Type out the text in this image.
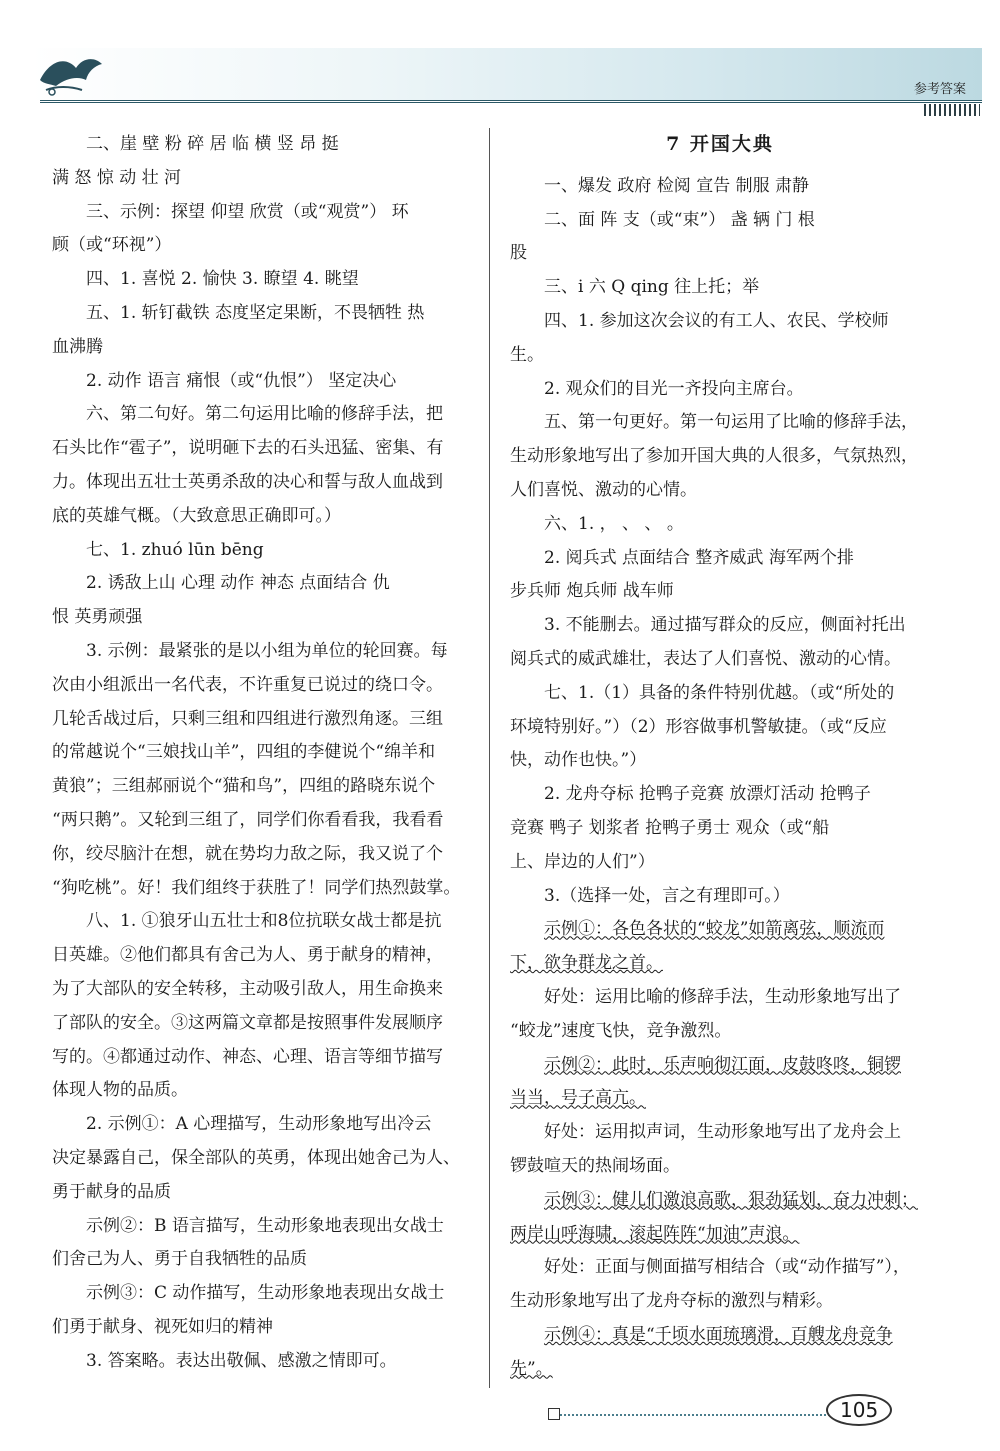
参考答案

二、崖 壁 粉 碎 居 临 横 竖 昂 挺

满 怒 惊 动 壮 河

三、示例：探望 仰望 欣赏（或“观赏”） 环

顾（或“环视”）

四、1. 喜悦 2. 愉快 3. 瞭望 4. 眺望

五、1. 斩钉截铁 态度坚定果断，不畏牺牲 热

血沸腾

2. 动作 语言 痛恨（或“仇恨”） 坚定决心

六、第二句好。第二句运用比喻的修辞手法，把

石头比作“雹子”，说明砸下去的石头迅猛、密集、有

力。体现出五壮士英勇杀敌的决心和誓与敌人血战到

底的英雄气概。（大致意思正确即可。）

七、1. zhuó lūn bēng

2. 诱敌上山 心理 动作 神态 点面结合 仇

恨 英勇顽强

3. 示例：最紧张的是以小组为单位的轮回赛。每

次由小组派出一名代表，不许重复已说过的绕口令。

几轮舌战过后，只剩三组和四组进行激烈角逐。三组

的常越说个“三娘找山羊”，四组的李健说个“绵羊和

黄狼”；三组郝丽说个“猫和鸟”，四组的路晓东说个

“两只鹅”。又轮到三组了，同学们你看看我，我看看

你，绞尽脑汁在想，就在势均力敌之际，我又说了个

“狗吃桃”。好！我们组终于获胜了！同学们热烈鼓掌。

八、1. ①狼牙山五壮士和8位抗联女战士都是抗

日英雄。②他们都具有舍己为人、勇于献身的精神，

为了大部队的安全转移，主动吸引敌人，用生命换来

了部队的安全。③这两篇文章都是按照事件发展顺序

写的。④都通过动作、神态、心理、语言等细节描写

体现人物的品质。

2. 示例①：A 心理描写，生动形象地写出冷云

决定暴露自己，保全部队的英勇，体现出她舍己为人、

勇于献身的品质

示例②：B 语言描写，生动形象地表现出女战士

们舍己为人、勇于自我牺牲的品质

示例③：C 动作描写，生动形象地表现出女战士

们勇于献身、视死如归的精神

3. 答案略。表达出敬佩、感激之情即可。

7 开国大典

一、爆发 政府 检阅 宣告 制服 肃静

二、面 阵 支（或“束”） 盏 辆 门 根

股

三、i 六 Q qing 往上托；举

四、1. 参加这次会议的有工人、农民、学校师

生。

2. 观众们的目光一齐投向主席台。

五、第一句更好。第一句运用了比喻的修辞手法，

生动形象地写出了参加开国大典的人很多，气氛热烈，

人们喜悦、激动的心情。

六、1. ， 、 、 。

2. 阅兵式 点面结合 整齐威武 海军两个排

步兵师 炮兵师 战车师

3. 不能删去。通过描写群众的反应，侧面衬托出

阅兵式的威武雄壮，表达了人们喜悦、激动的心情。

七、1.（1）具备的条件特别优越。（或“所处的

环境特别好。”）（2）形容做事机警敏捷。（或“反应

快，动作也快。”）

2. 龙舟夺标 抢鸭子竞赛 放漂灯活动 抢鸭子

竞赛 鸭子 划浆者 抢鸭子勇士 观众（或“船

上、岸边的人们”）

3.（选择一处，言之有理即可。）

示例①：各色各状的“蛟龙”如箭离弦，顺流而

下，欲争群龙之首。

好处：运用比喻的修辞手法，生动形象地写出了

“蛟龙”速度飞快，竞争激烈。

示例②：此时，乐声响彻江面，皮鼓咚咚，铜锣

当当，号子高亢。

好处：运用拟声词，生动形象地写出了龙舟会上

锣鼓喧天的热闹场面。

示例③：健儿们激浪高歌，狠劲猛划，奋力冲刺；

两岸山呼海啸，滚起阵阵“加油”声浪。

好处：正面与侧面描写相结合（或“动作描写”），

生动形象地写出了龙舟夺标的激烈与精彩。

示例④：真是“千顷水面琉璃滑，百艘龙舟竞争

先”。

105
